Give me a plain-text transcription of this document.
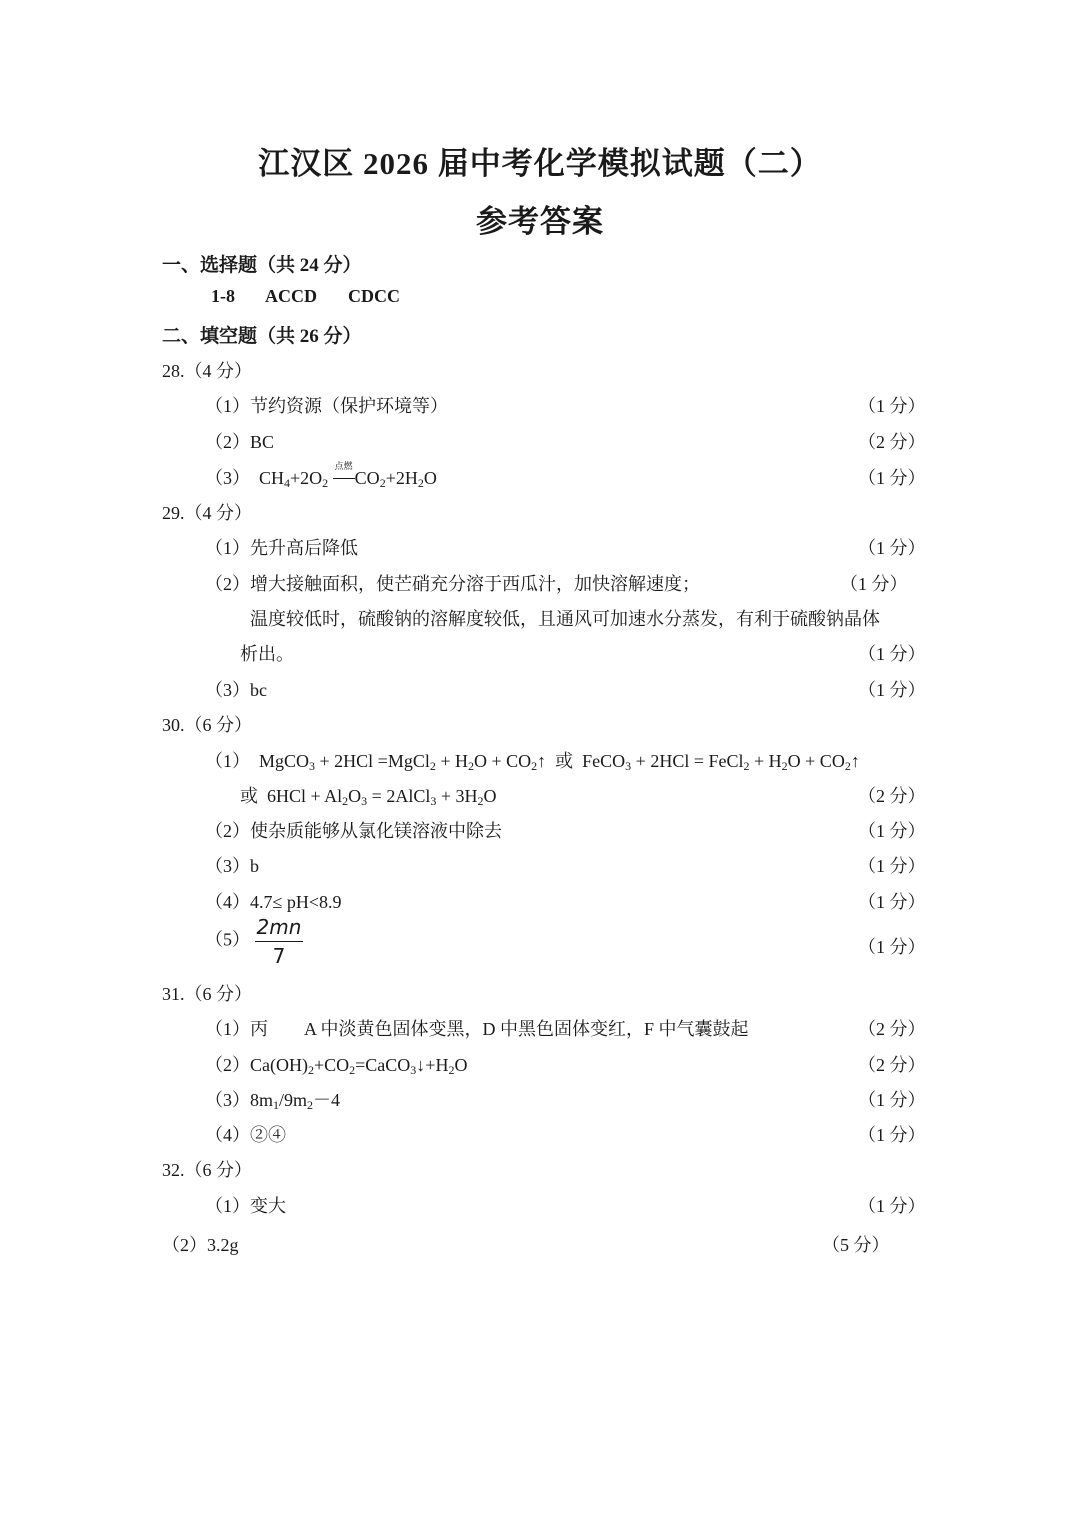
江汉区 2026 届中考化学模拟试题（二）
参考答案
一、选择题（共 24 分）
1-8 ACCD CDCC
二、填空题（共 26 分）
28.（4 分）
（1）节约资源（保护环境等）	（1 分）
（2）BC	（2 分）
（3）  $CH_4+2O_2$
点燃
$CO_2+2H_2O$	（1 分）
29.（4 分）
（1）先升高后降低	（1 分）
（2）增大接触面积，使芒硝充分溶于西瓜汁，加快溶解速度；	（1 分）
温度较低时，硫酸钠的溶解度较低，且通风可加速水分蒸发，有利于硫酸钠晶体
析出。	（1 分）
（3）bc	（1 分）
30.（6 分）
（1）  MgCO$_3$ + 2HCl =MgCl$_2$ + $H_2O$ + $CO_2↑$  或  FeCO$_3$ + 2HCl = FeCl$_2$ + $H_2O$ + $CO_2↑$
或  $6HCl + Al_2O_3$ = 2AlCl$_3$ + $3H_2O$	（2 分）
（2）使杂质能够从氯化镁溶液中除去	（1 分）
（3）b	（1 分）
（4）4.7≤ pH<8.9	（1 分）
$(5) \frac{2mn}{7}$	（1 分）
31.（6 分）
（1）丙　　A 中淡黄色固体变黑，D 中黑色固体变红，F 中气囊鼓起	（2 分）
$(2)Ca(OH)_2+CO_2=CaCO_3↓+H_2O$	（2 分）
$(3)8m_1/9m_2-4$	（1 分）
（4）②④	（1 分）
32.（6 分）
（1）变大	（1 分）
（2）3.2g	（5 分）
